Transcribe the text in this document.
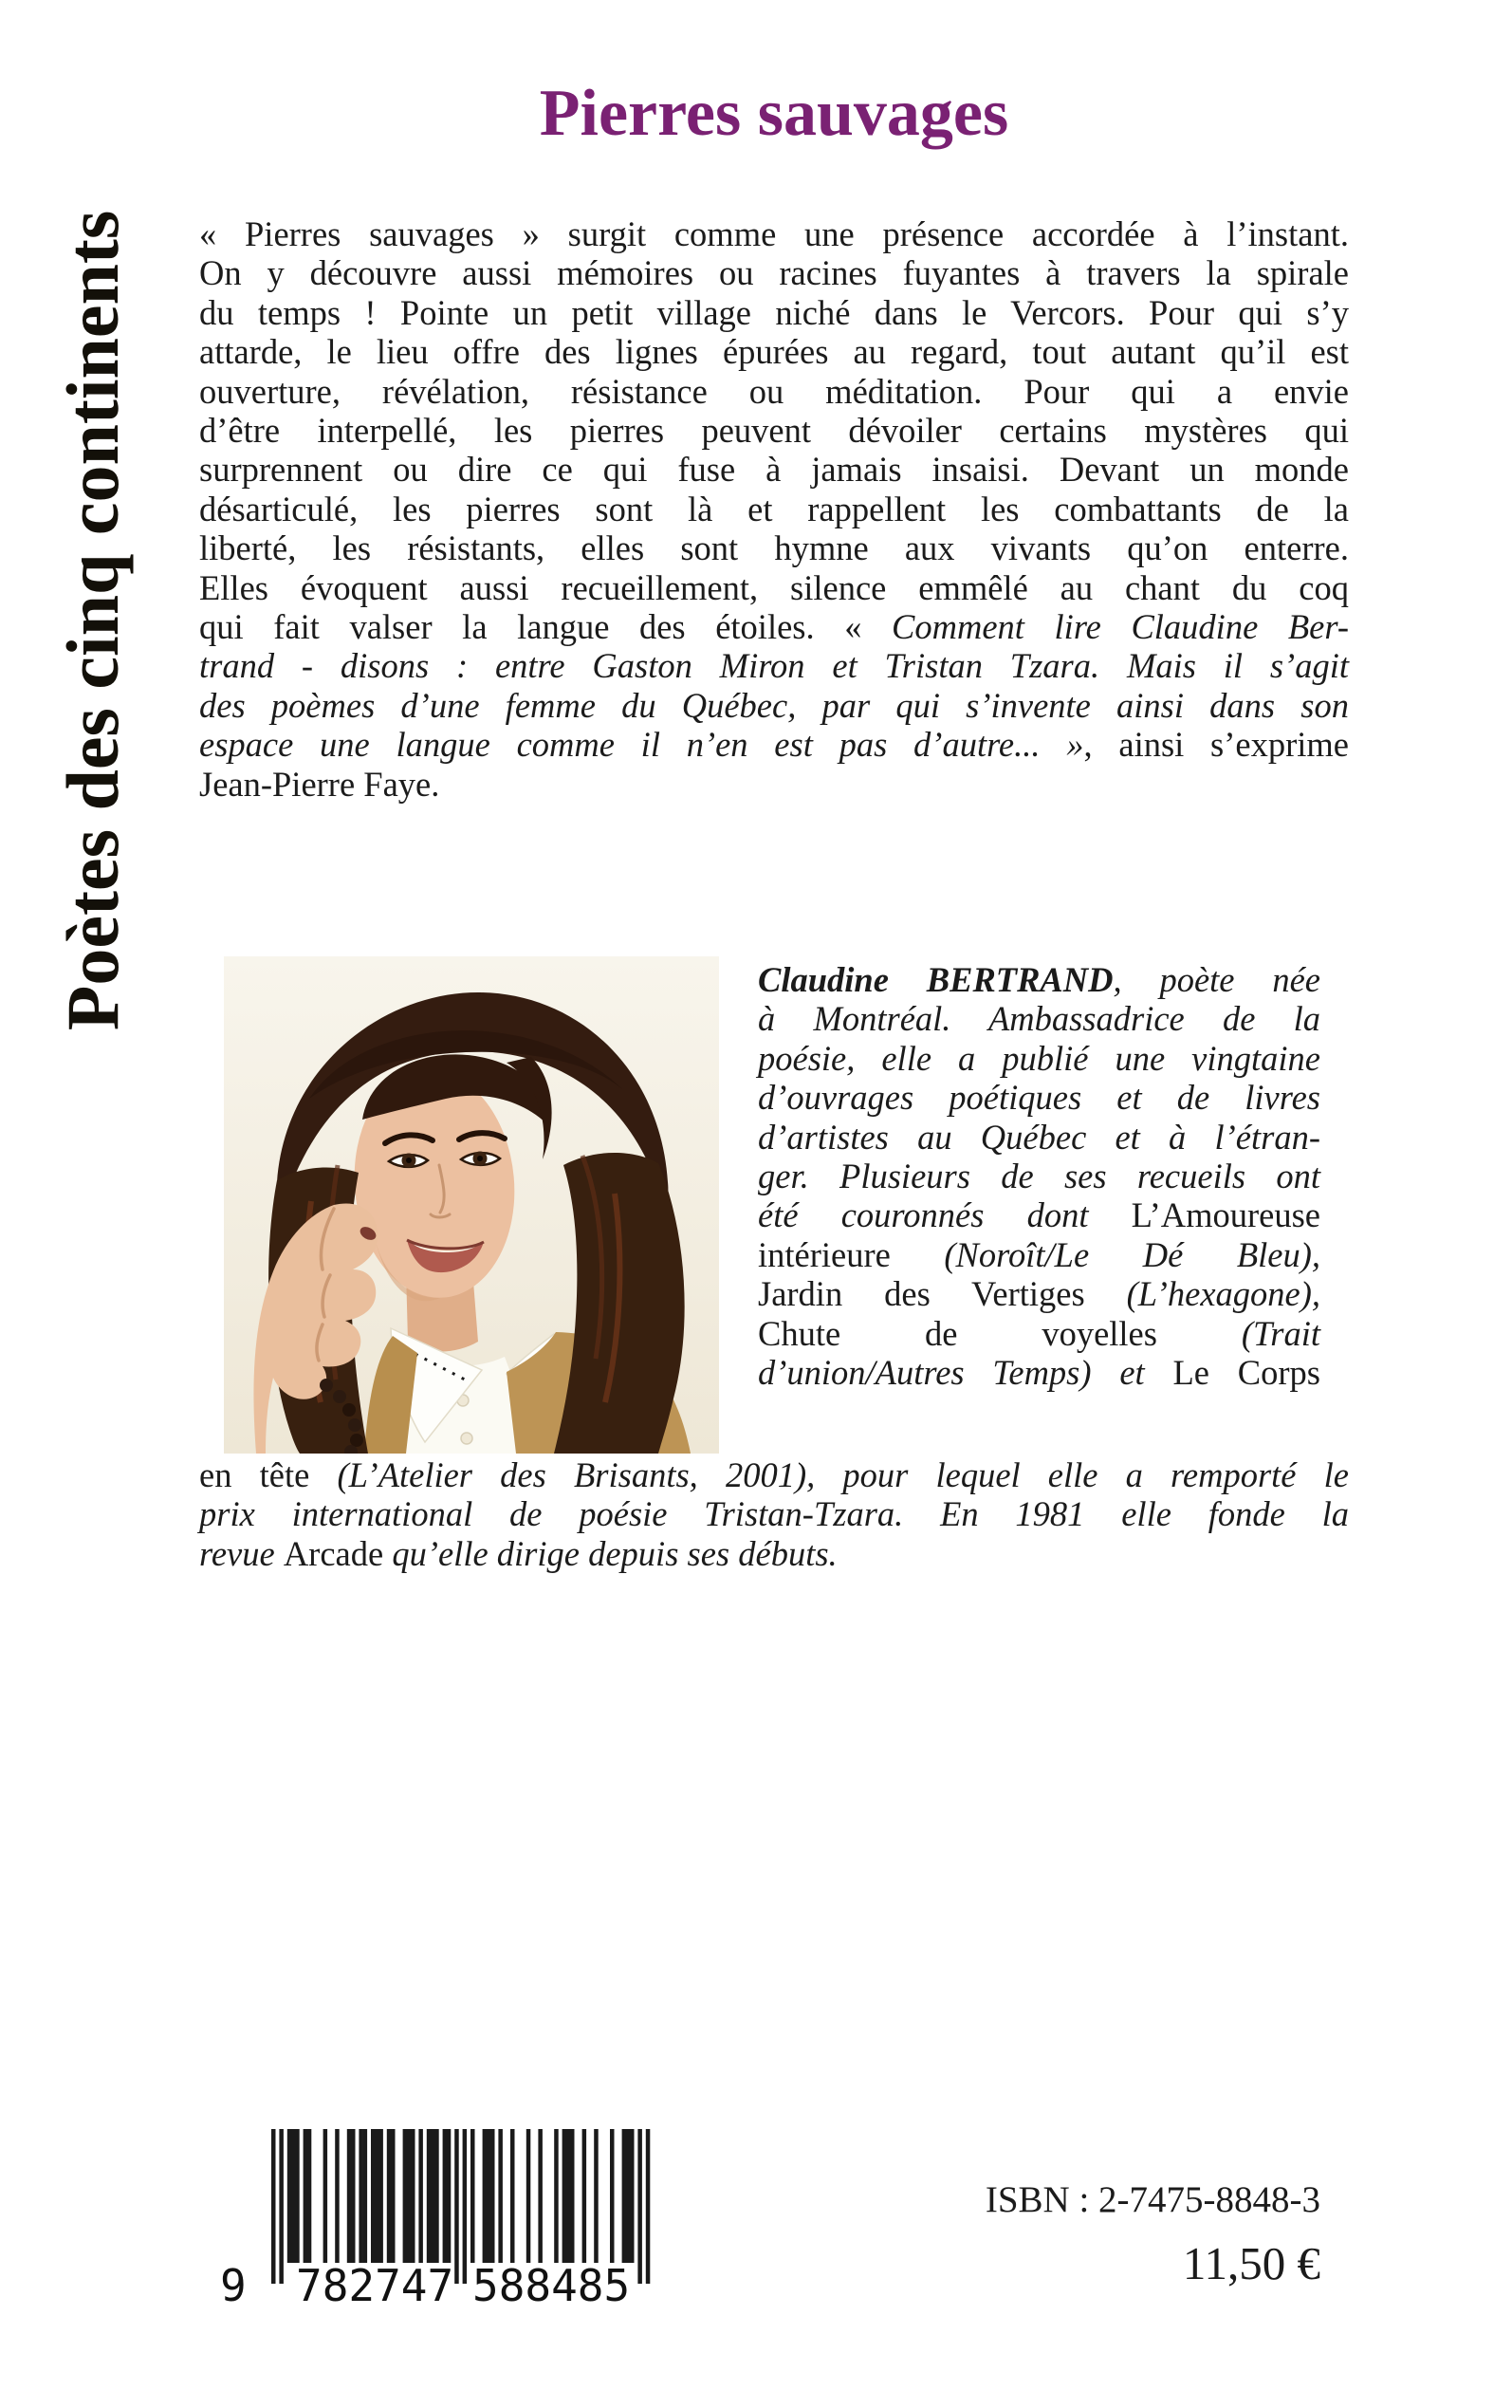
Poètes des cinq continents
Pierres sauvages
« Pierres sauvages » surgit comme une présence accordée à l’instant.
On y découvre aussi mémoires ou racines fuyantes à travers la spirale
du temps ! Pointe un petit village niché dans le Vercors. Pour qui s’y
attarde, le lieu offre des lignes épurées au regard, tout autant qu’il est
ouverture, révélation, résistance ou méditation. Pour qui a envie
d’être interpellé, les pierres peuvent dévoiler certains mystères qui
surprennent ou dire ce qui fuse à jamais insaisi. Devant un monde
désarticulé, les pierres sont là et rappellent les combattants de la
liberté, les résistants, elles sont hymne aux vivants qu’on enterre.
Elles évoquent aussi recueillement, silence emmêlé au chant du coq
qui fait valser la langue des étoiles. « Comment lire Claudine Ber-
trand - disons : entre Gaston Miron et Tristan Tzara. Mais il s’agit
des poèmes d’une femme du Québec, par qui s’invente ainsi dans son
espace une langue comme il n’en est pas d’autre... », ainsi s’exprime
Jean-Pierre Faye.
Claudine BERTRAND, poète née
à Montréal. Ambassadrice de la
poésie, elle a publié une vingtaine
d’ouvrages poétiques et de livres
d’artistes au Québec et à l’étran-
ger. Plusieurs de ses recueils ont
été couronnés dont L’Amoureuse
intérieure (Noroît/Le Dé Bleu),
Jardin des Vertiges (L’hexagone),
Chute de voyelles (Trait
d’union/Autres Temps) et Le Corps
en tête (L’Atelier des Brisants, 2001), pour lequel elle a remporté le
prix international de poésie Tristan-Tzara. En 1981 elle fonde la
revue Arcade qu’elle dirige depuis ses débuts.
9 782747 588485
ISBN : 2-7475-8848-3
11,50 €
